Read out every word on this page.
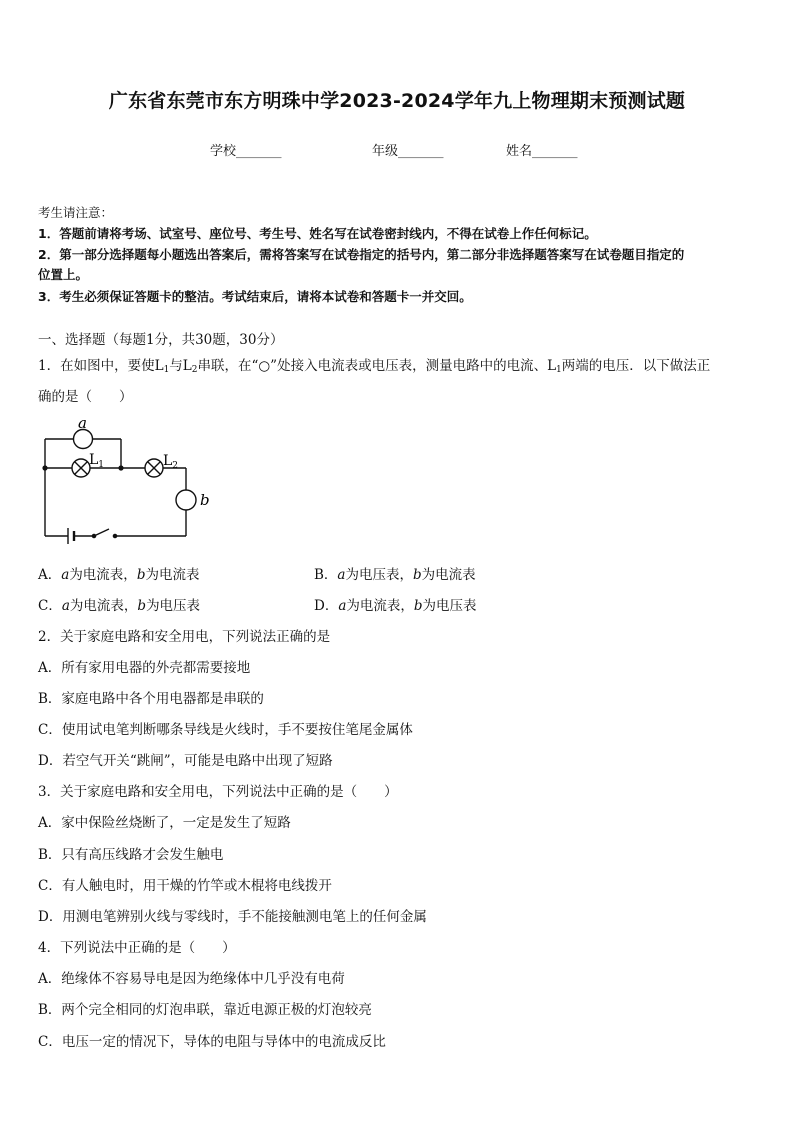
广东省东莞市东方明珠中学2023-2024学年九上物理期末预测试题
学校_______	年级_______	姓名_______
考生请注意：
1．答题前请将考场、试室号、座位号、考生号、姓名写在试卷密封线内，不得在试卷上作任何标记。
2．第一部分选择题每小题选出答案后，需将答案写在试卷指定的括号内，第二部分非选择题答案写在试卷题目指定的
位置上。
3．考生必须保证答题卡的整洁。考试结束后，请将本试卷和答题卡一并交回。
一、选择题（每题1分，共30题，30分）
1．在如图中，要使$L_1$与$L_2$串联，在“○”处接入电流表或电压表，测量电路中的电流、$L_1$两端的电压．以下做法正
确的是（　　）
a
$L_1$	$L_2$
b
A．a为电流表，b为电流表	B．a为电压表，b为电流表
C．a为电流表，b为电压表	D．a为电流表，b为电压表
2．关于家庭电路和安全用电，下列说法正确的是
A．所有家用电器的外壳都需要接地
B．家庭电路中各个用电器都是串联的
C．使用试电笔判断哪条导线是火线时，手不要按住笔尾金属体
D．若空气开关“跳闸”，可能是电路中出现了短路
3．关于家庭电路和安全用电，下列说法中正确的是（　　）
A．家中保险丝烧断了，一定是发生了短路
B．只有高压线路才会发生触电
C．有人触电时，用干燥的竹竿或木棍将电线拨开
D．用测电笔辨别火线与零线时，手不能接触测电笔上的任何金属
4．下列说法中正确的是（　　）
A．绝缘体不容易导电是因为绝缘体中几乎没有电荷
B．两个完全相同的灯泡串联，靠近电源正极的灯泡较亮
C．电压一定的情况下，导体的电阻与导体中的电流成反比
